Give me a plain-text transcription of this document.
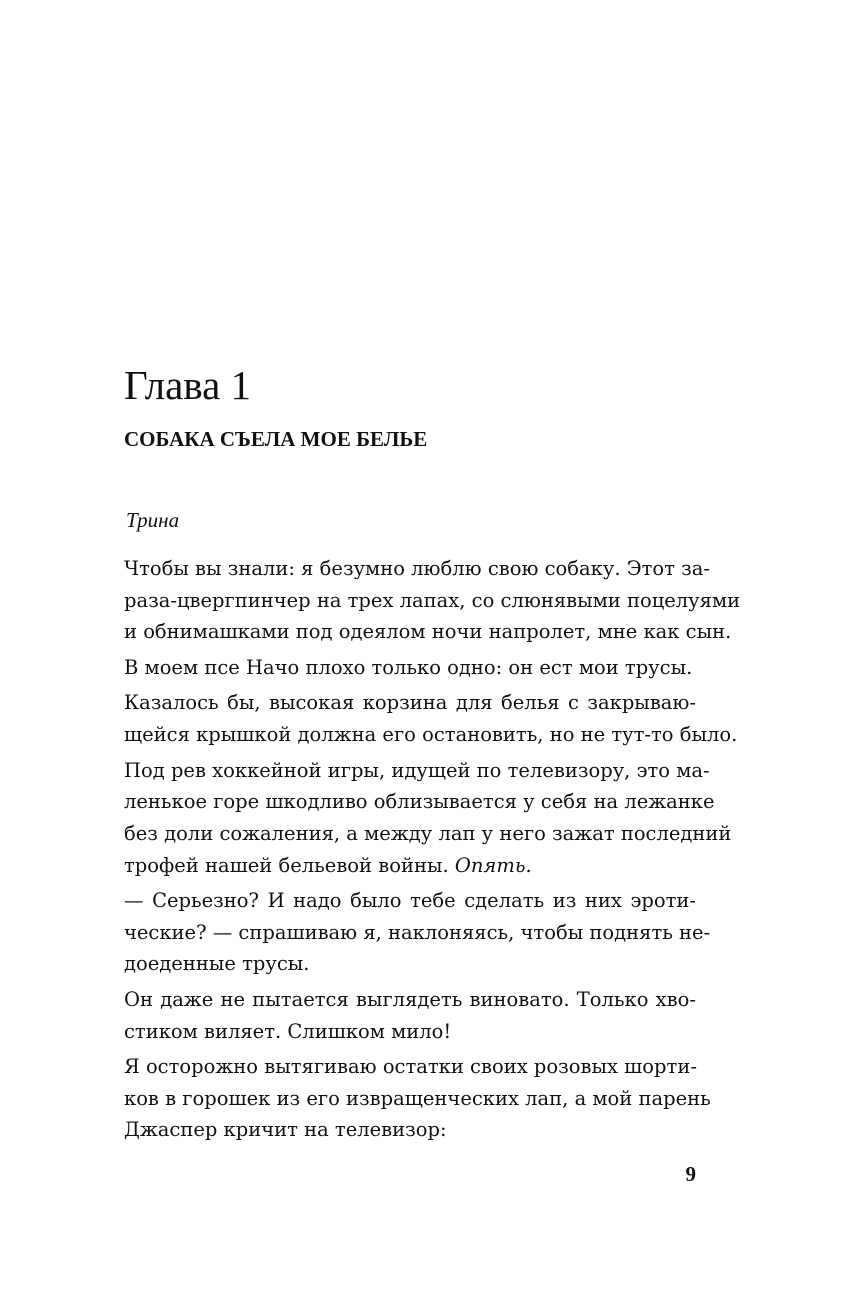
Глава 1
СОБАКА СЪЕЛА МОЕ БЕЛЬЕ
Трина

Чтобы вы знали: я безумно люблю свою собаку. Этот за-
раза-цвергпинчер на трех лапах, со слюнявыми поцелуями
и обнимашками под одеялом ночи напролет, мне как сын.

В моем псе Начо плохо только одно: он ест мои трусы.

Казалось бы, высокая корзина для белья с закрываю-
щейся крышкой должна его остановить, но не тут-то было.

Под рев хоккейной игры, идущей по телевизору, это ма-
ленькое горе шкодливо облизывается у себя на лежанке
без доли сожаления, а между лап у него зажат последний
трофей нашей бельевой войны. Опять.

— Серьезно? И надо было тебе сделать из них эроти-
ческие? — спрашиваю я, наклоняясь, чтобы поднять не-
доеденные трусы.

Он даже не пытается выглядеть виновато. Только хво-
стиком виляет. Слишком мило!

Я осторожно вытягиваю остатки своих розовых шорти-
ков в горошек из его извращенческих лап, а мой парень
Джаспер кричит на телевизор:

9
